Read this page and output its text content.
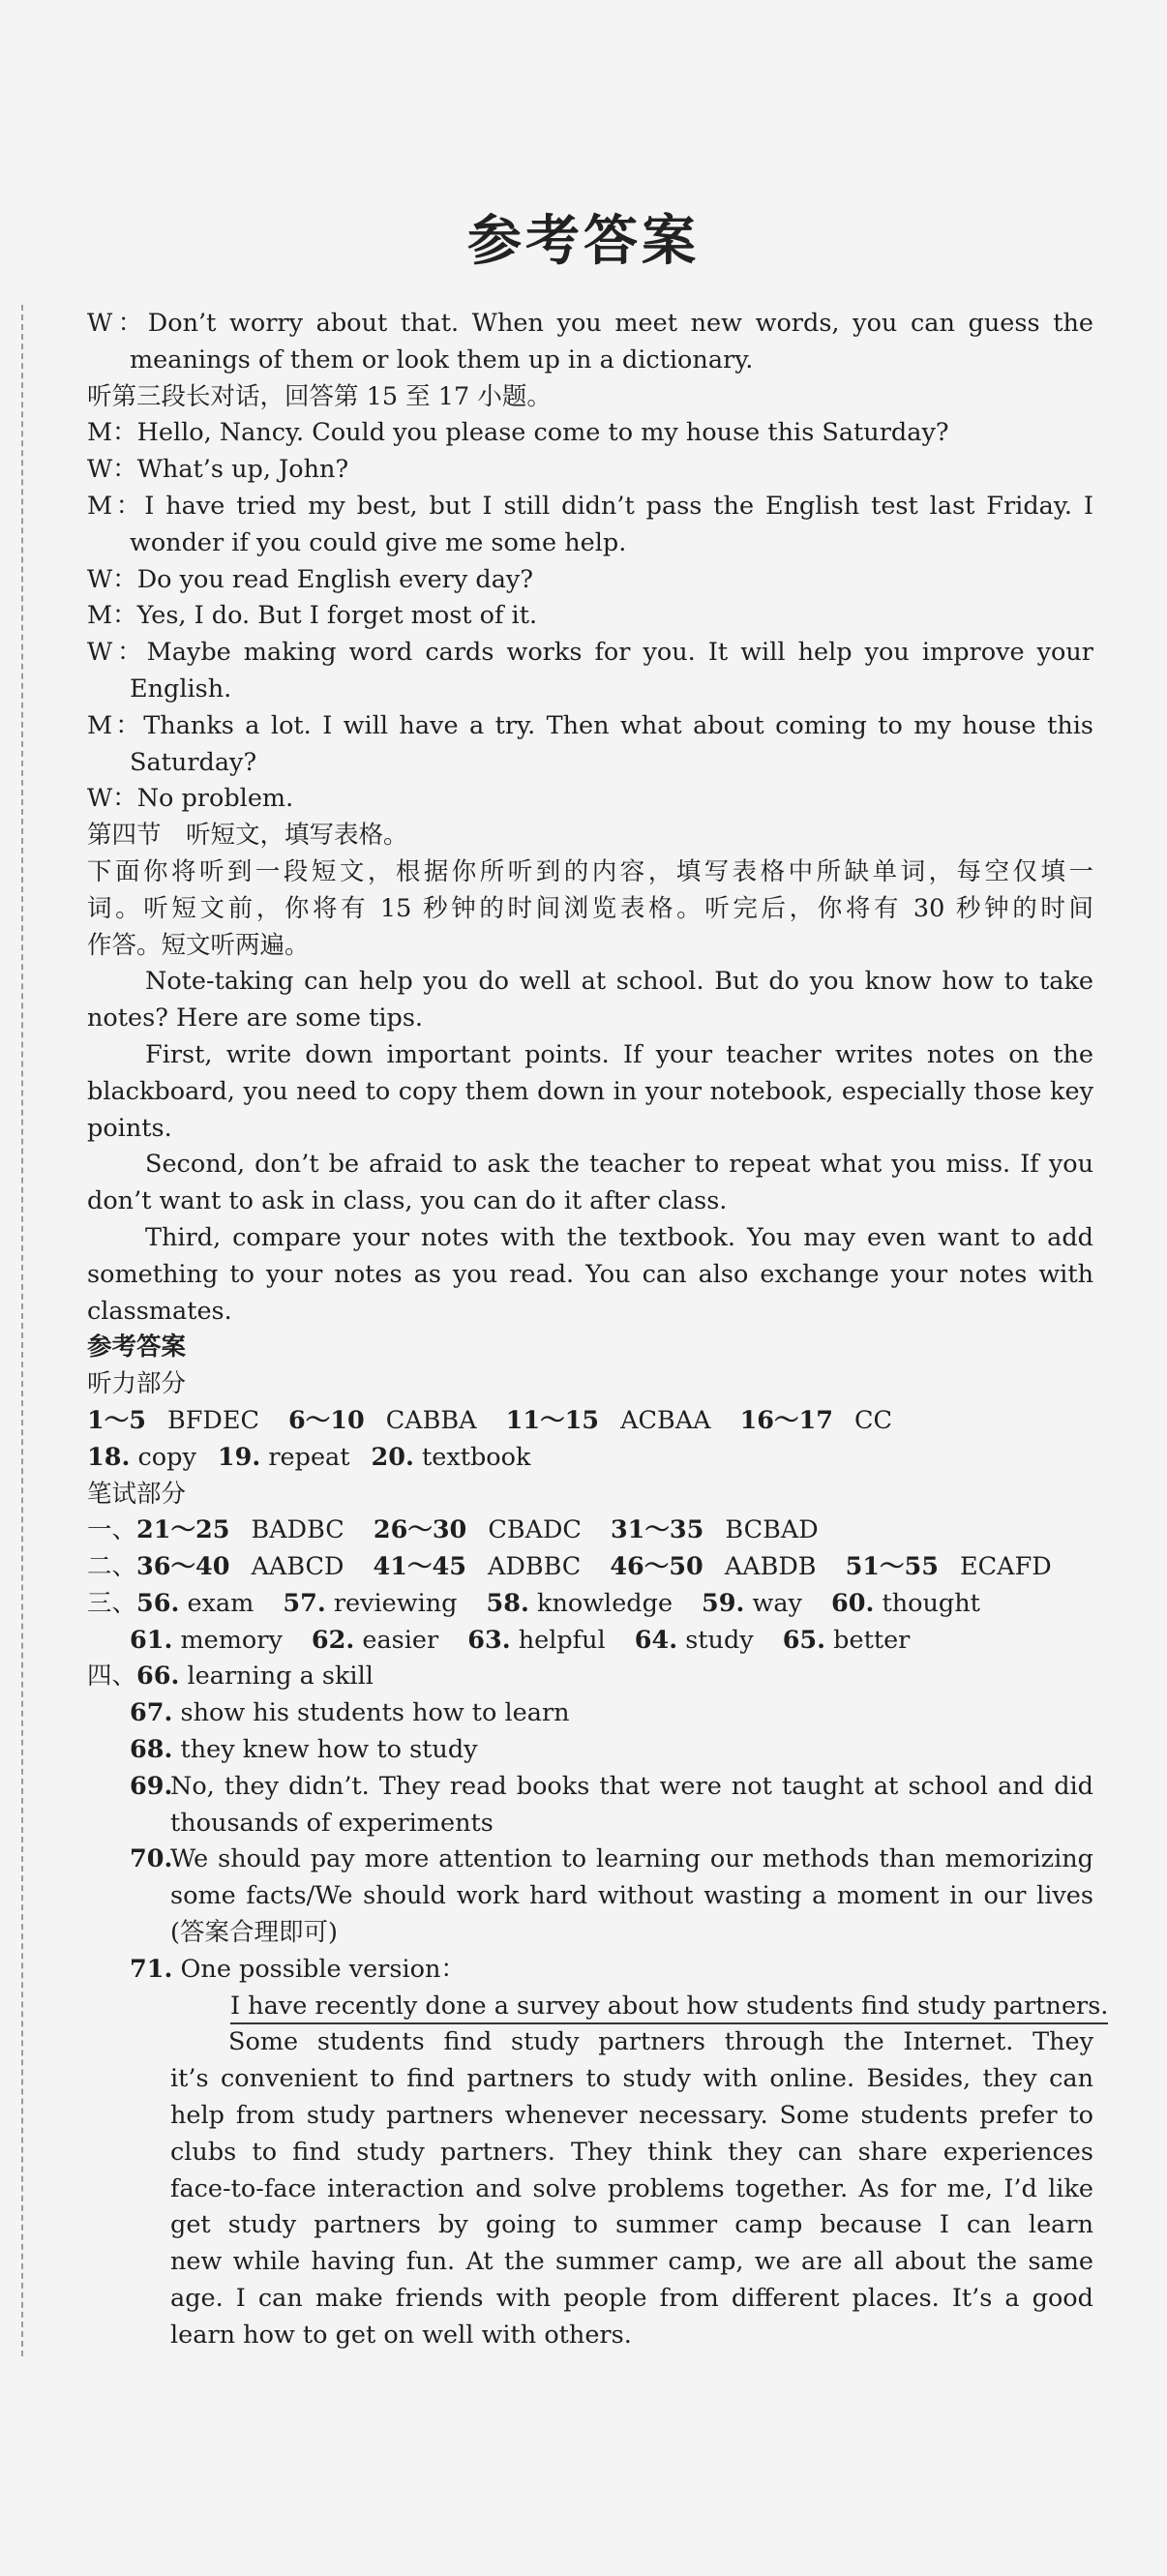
参考答案
W：Don’t worry about that. When you meet new words, you can guess the
meanings of them or look them up in a dictionary.
听第三段长对话，回答第 15 至 17 小题。
M：Hello, Nancy. Could you please come to my house this Saturday?
W：What’s up, John?
M：I have tried my best, but I still didn’t pass the English test last Friday. I
wonder if you could give me some help.
W：Do you read English every day?
M：Yes, I do. But I forget most of it.
W：Maybe making word cards works for you. It will help you improve your
English.
M：Thanks a lot. I will have a try. Then what about coming to my house this
Saturday?
W：No problem.
第四节　听短文，填写表格。
下面你将听到一段短文，根据你所听到的内容，填写表格中所缺单词，每空仅填一
词。听短文前，你将有 15 秒钟的时间浏览表格。听完后，你将有 30 秒钟的时间
作答。短文听两遍。
Note-taking can help you do well at school. But do you know how to take
notes? Here are some tips.
First, write down important points. If your teacher writes notes on the
blackboard, you need to copy them down in your notebook, especially those key
points.
Second, don’t be afraid to ask the teacher to repeat what you miss. If you
don’t want to ask in class, you can do it after class.
Third, compare your notes with the textbook. You may even want to add
something to your notes as you read. You can also exchange your notes with
classmates.
参考答案
听力部分
1～5 BFDEC 6～10 CABBA 11～15 ACBAA 16～17 CC
18. copy 19. repeat 20. textbook
笔试部分
一、21～25 BADBC 26～30 CBADC 31～35 BCBAD
二、36～40 AABCD 41～45 ADBBC 46～50 AABDB 51～55 ECAFD
三、56. exam 57. reviewing 58. knowledge 59. way 60. thought
61. memory 62. easier 63. helpful 64. study 65. better
四、66. learning a skill
67. show his students how to learn
68. they knew how to study
69.
No, they didn’t. They read books that were not taught at school and did
thousands of experiments
70.
We should pay more attention to learning our methods than memorizing
some facts/We should work hard without wasting a moment in our lives
(答案合理即可)
71. One possible version：
I have recently done a survey about how students find study partners.
Some students find study partners through the Internet. They
it’s convenient to find partners to study with online. Besides, they can
help from study partners whenever necessary. Some students prefer to
clubs to find study partners. They think they can share experiences
face-to-face interaction and solve problems together. As for me, I’d like
get study partners by going to summer camp because I can learn
new while having fun. At the summer camp, we are all about the same
age. I can make friends with people from different places. It’s a good
learn how to get on well with others.
